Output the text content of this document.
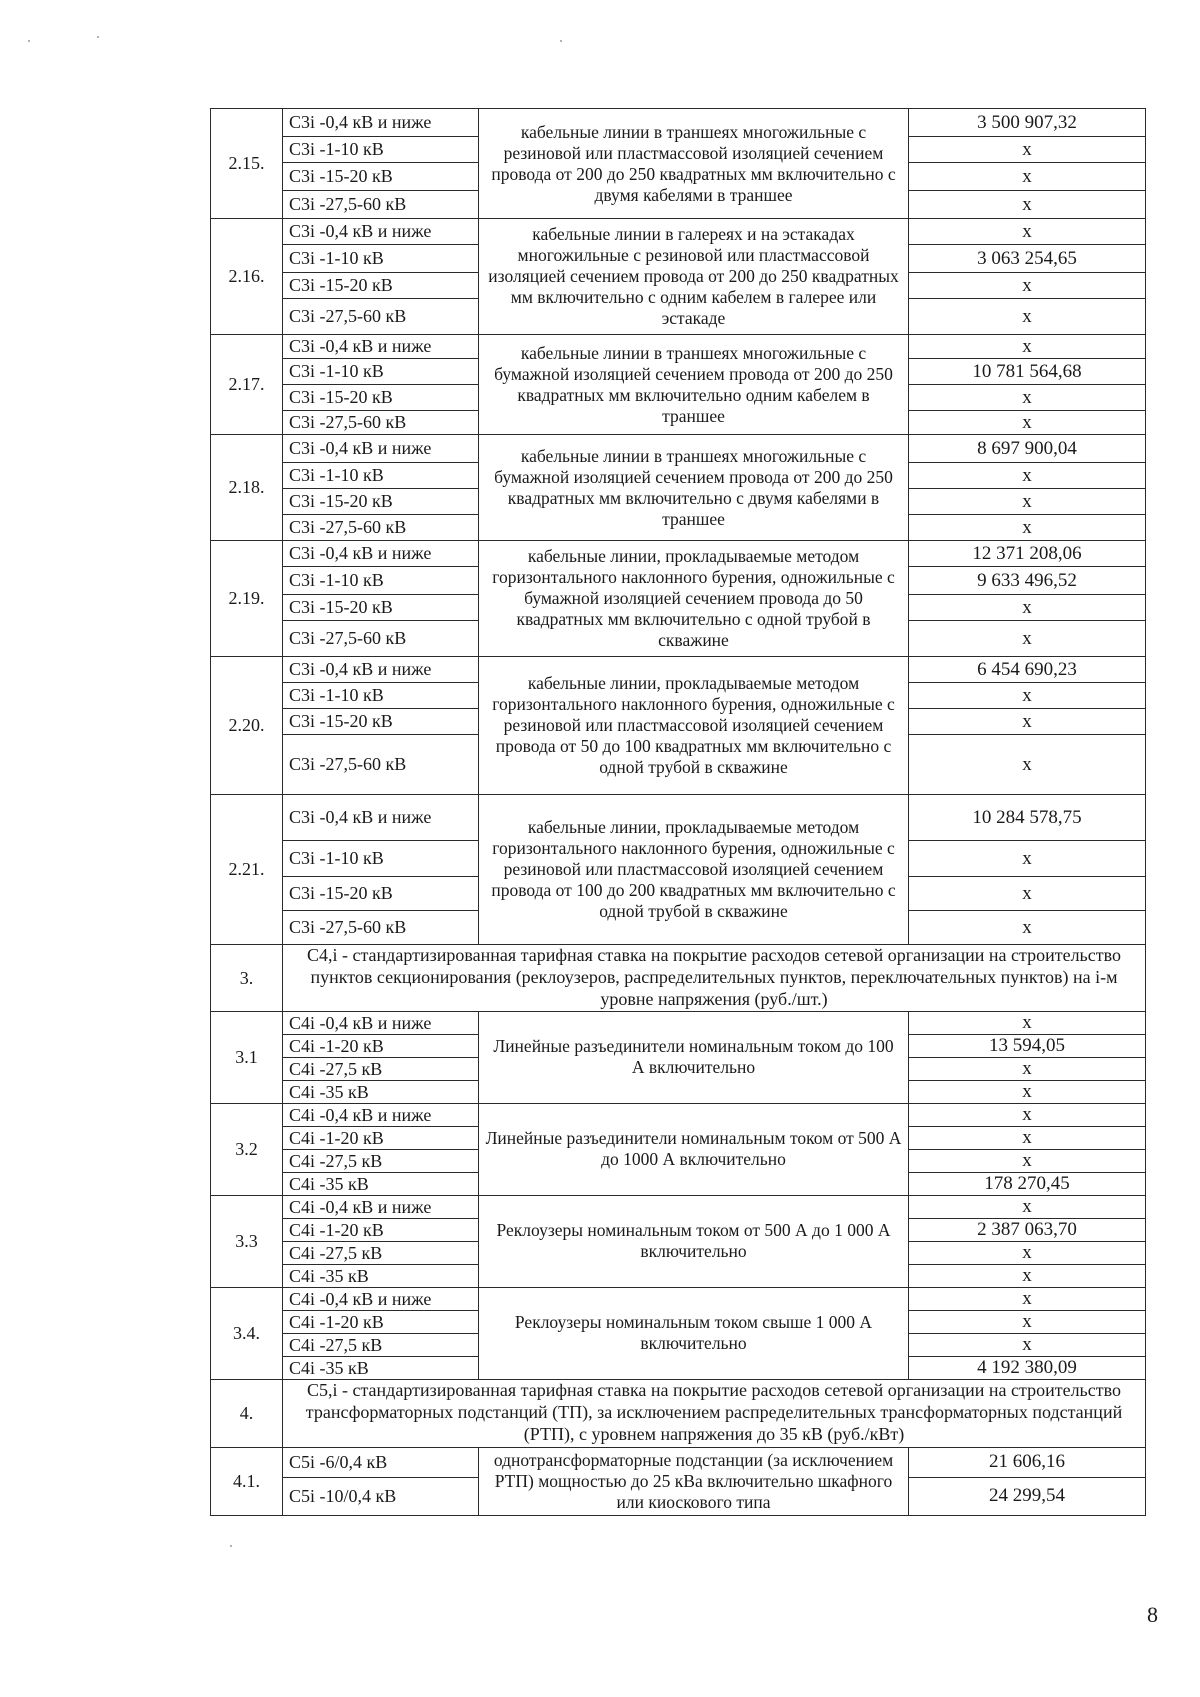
2.15.	С3i -0,4 кВ и ниже	кабельные линии в траншеях многожильные с резиновой или пластмассовой изоляцией сечением провода от 200 до 250 квадратных мм включительно с двумя кабелями в траншее	3 500 907,32
	С3i -1-10 кВ		х
	С3i -15-20 кВ		х
	С3i -27,5-60 кВ		х
2.16.	С3i -0,4 кВ и ниже	кабельные линии в галереях и на эстакадах многожильные с резиновой или пластмассовой изоляцией сечением провода от 200 до 250 квадратных мм включительно с одним кабелем в галерее или эстакаде	х
	С3i -1-10 кВ		3 063 254,65
	С3i -15-20 кВ		х
	С3i -27,5-60 кВ		х
2.17.	С3i -0,4 кВ и ниже	кабельные линии в траншеях многожильные с бумажной изоляцией сечением провода от 200 до 250 квадратных мм включительно одним кабелем в траншее	х
	С3i -1-10 кВ		10 781 564,68
	С3i -15-20 кВ		х
	С3i -27,5-60 кВ		х
2.18.	С3i -0,4 кВ и ниже	кабельные линии в траншеях многожильные с бумажной изоляцией сечением провода от 200 до 250 квадратных мм включительно с двумя кабелями в траншее	8 697 900,04
	С3i -1-10 кВ		х
	С3i -15-20 кВ		х
	С3i -27,5-60 кВ		х
2.19.	С3i -0,4 кВ и ниже	кабельные линии, прокладываемые методом горизонтального наклонного бурения, одножильные с бумажной изоляцией сечением провода до 50 квадратных мм включительно с одной трубой в скважине	12 371 208,06
	С3i -1-10 кВ		9 633 496,52
	С3i -15-20 кВ		х
	С3i -27,5-60 кВ		х
2.20.	С3i -0,4 кВ и ниже	кабельные линии, прокладываемые методом горизонтального наклонного бурения, одножильные с резиновой или пластмассовой изоляцией сечением провода от 50 до 100 квадратных мм включительно с одной трубой в скважине	6 454 690,23
	С3i -1-10 кВ		х
	С3i -15-20 кВ		х
	С3i -27,5-60 кВ		х
2.21.	С3i -0,4 кВ и ниже	кабельные линии, прокладываемые методом горизонтального наклонного бурения, одножильные с резиновой или пластмассовой изоляцией сечением провода от 100 до 200 квадратных мм включительно с одной трубой в скважине	10 284 578,75
	С3i -1-10 кВ		х
	С3i -15-20 кВ		х
	С3i -27,5-60 кВ		х
3.	С4,i - стандартизированная тарифная ставка на покрытие расходов сетевой организации на строительство пунктов секционирования (реклоузеров, распределительных пунктов, переключательных пунктов) на i-м уровне напряжения (руб./шт.)		
3.1	С4i -0,4 кВ и ниже	Линейные разъединители номинальным током до 100 А включительно	х
	С4i -1-20 кВ		13 594,05
	С4i -27,5 кВ		х
	С4i -35 кВ		х
3.2	С4i -0,4 кВ и ниже	Линейные разъединители номинальным током от 500 А до 1000 А включительно	х
	С4i -1-20 кВ		х
	С4i -27,5 кВ		х
	С4i -35 кВ		178 270,45
3.3	С4i -0,4 кВ и ниже	Реклоузеры номинальным током от 500 А до 1 000 А включительно	х
	С4i -1-20 кВ		2 387 063,70
	С4i -27,5 кВ		х
	С4i -35 кВ		х
3.4.	С4i -0,4 кВ и ниже	Реклоузеры номинальным током свыше 1 000 А включительно	х
	С4i -1-20 кВ		х
	С4i -27,5 кВ		х
	С4i -35 кВ		4 192 380,09
4.	С5,i - стандартизированная тарифная ставка на покрытие расходов сетевой организации на строительство трансформаторных подстанций (ТП), за исключением распределительных трансформаторных подстанций (РТП), с уровнем напряжения до 35 кВ (руб./кВт)		
4.1.	С5i -6/0,4 кВ	однотрансформаторные подстанции (за исключением РТП) мощностью до 25 кВа включительно шкафного или киоскового типа	21 606,16
	С5i -10/0,4 кВ		24 299,54
8
